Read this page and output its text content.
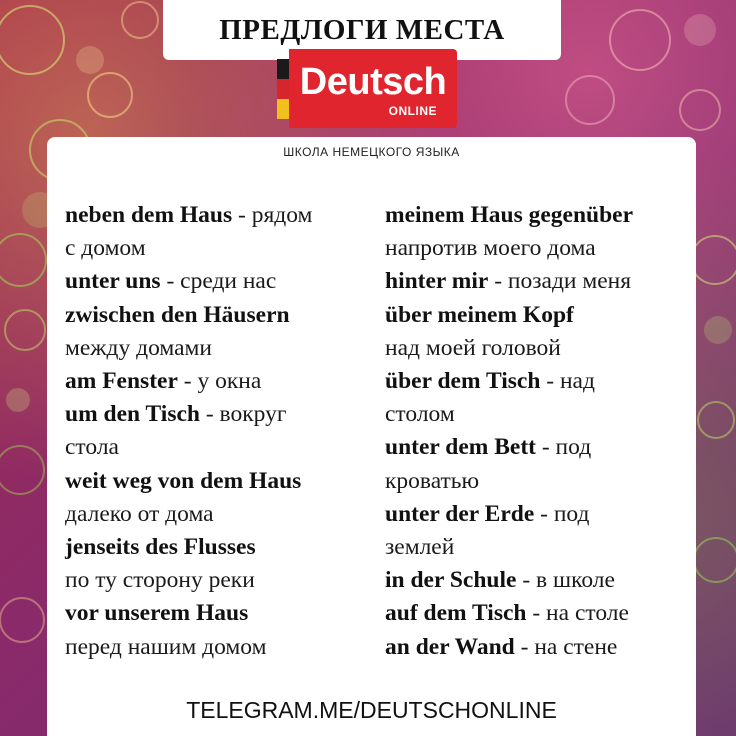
ПРЕДЛОГИ МЕСТА
Deutsch
ONLINE
ШКОЛА НЕМЕЦКОГО ЯЗЫКА
neben dem Haus - рядом
с домом
unter uns - среди нас
zwischen den Häusern
между домами
am Fenster - у окна
um den Tisch - вокруг
стола
weit weg von dem Haus
далеко от дома
jenseits des Flusses
по ту сторону реки
vor unserem Haus
перед нашим домом
meinem Haus gegenüber
напротив моего дома
hinter mir - позади меня
über meinem Kopf
над моей головой
über dem Tisch - над
столом
unter dem Bett - под
кроватью
unter der Erde - под
землей
in der Schule - в школе
auf dem Tisch - на столе
an der Wand - на стене
TELEGRAM.ME/DEUTSCHONLINE
